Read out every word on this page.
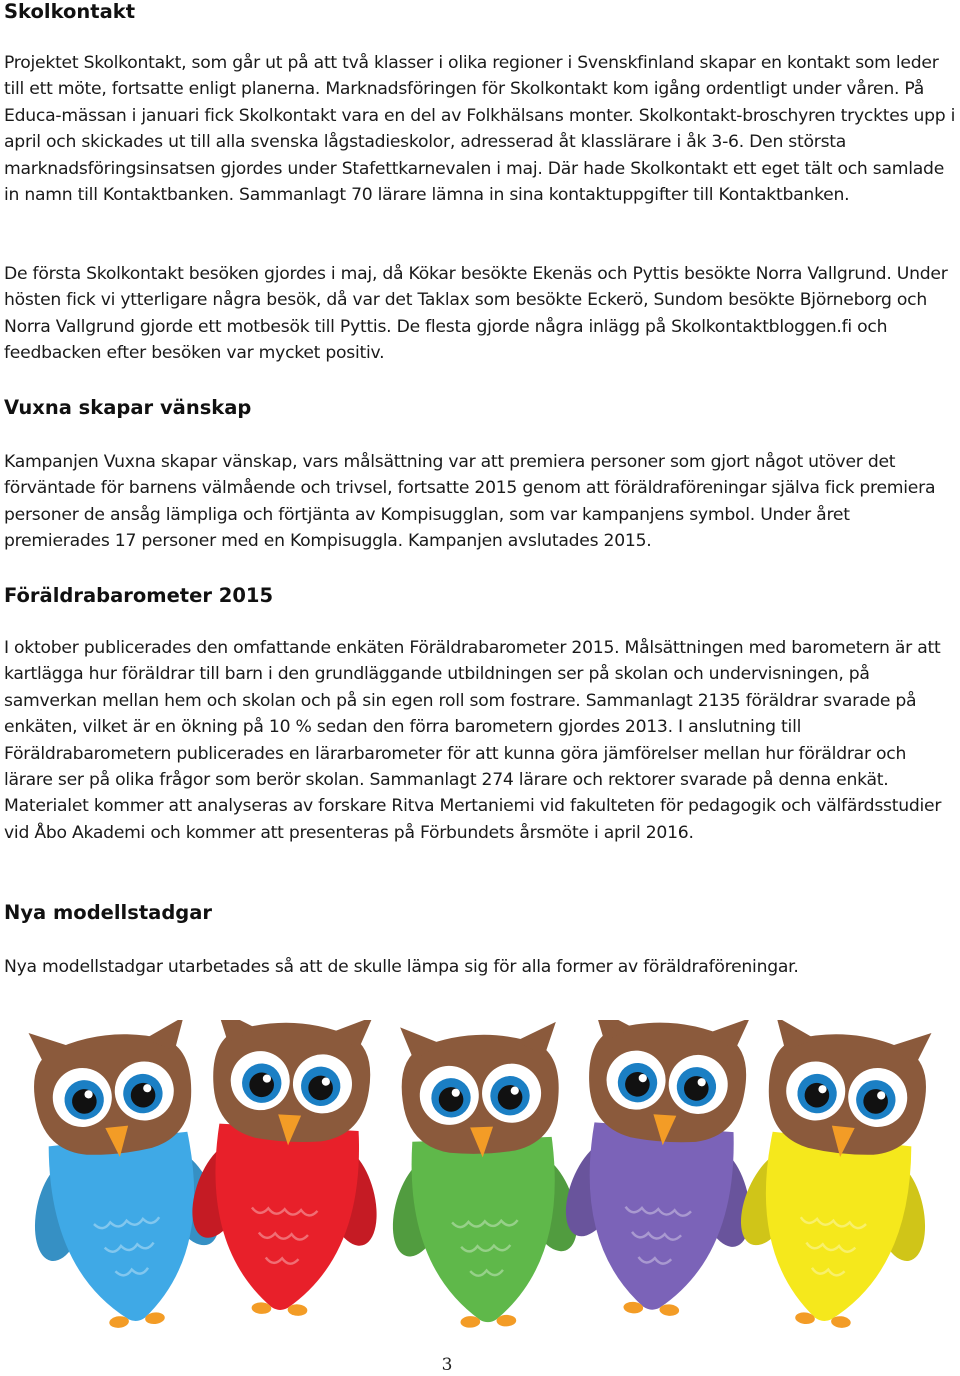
Skolkontakt

Projektet Skolkontakt, som går ut på att två klasser i olika regioner i Svenskfinland skapar en kontakt som leder till ett möte, fortsatte enligt planerna. Marknadsföringen för Skolkontakt kom igång ordentligt under våren. På Educa-mässan i januari fick Skolkontakt vara en del av Folkhälsans monter. Skolkontakt-broschyren trycktes upp i april och skickades ut till alla svenska lågstadieskolor, adresserad åt klasslärare i åk 3-6. Den största marknadsföringsinsatsen gjordes under Stafettkarnevalen i maj. Där hade Skolkontakt ett eget tält och samlade in namn till Kontaktbanken. Sammanlagt 70 lärare lämna in sina kontaktuppgifter till Kontaktbanken.

De första Skolkontakt besöken gjordes i maj, då Kökar besökte Ekenäs och Pyttis besökte Norra Vallgrund. Under hösten fick vi ytterligare några besök, då var det Taklax som besökte Eckerö, Sundom besökte Björneborg och Norra Vallgrund gjorde ett motbesök till Pyttis. De flesta gjorde några inlägg på Skolkontaktbloggen.fi och feedbacken efter besöken var mycket positiv.

Vuxna skapar vänskap

Kampanjen Vuxna skapar vänskap, vars målsättning var att premiera personer som gjort något utöver det förväntade för barnens välmående och trivsel, fortsatte 2015 genom att föräldraföreningar själva fick premiera personer de ansåg lämpliga och förtjänta av Kompisugglan, som var kampanjens symbol. Under året premierades 17 personer med en Kompisuggla. Kampanjen avslutades 2015.

Föräldrabarometer 2015

I oktober publicerades den omfattande enkäten Föräldrabarometer 2015. Målsättningen med barometern är att kartlägga hur föräldrar till barn i den grundläggande utbildningen ser på skolan och undervisningen, på samverkan mellan hem och skolan och på sin egen roll som fostrare. Sammanlagt 2135 föräldrar svarade på enkäten, vilket är en ökning på 10 % sedan den förra barometern gjordes 2013. I anslutning till Föräldrabarometern publicerades en lärarbarometer för att kunna göra jämförelser mellan hur föräldrar och lärare ser på olika frågor som berör skolan. Sammanlagt 274 lärare och rektorer svarade på denna enkät. Materialet kommer att analyseras av forskare Ritva Mertaniemi vid fakulteten för pedagogik och välfärdsstudier vid Åbo Akademi och kommer att presenteras på Förbundets årsmöte i april 2016.

Nya modellstadgar

Nya modellstadgar utarbetades så att de skulle lämpa sig för alla former av föräldraföreningar.

3
